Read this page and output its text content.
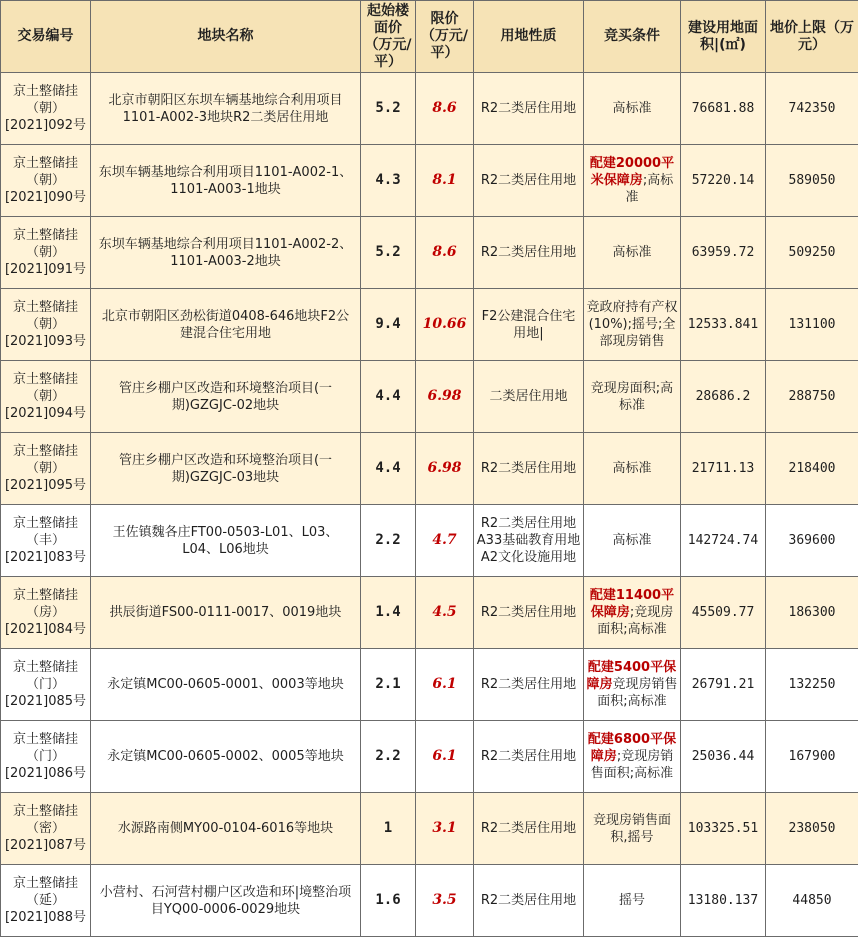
交易编号	地块名称	起始楼面价（万元/平）	限价（万元/平）	用地性质	竞买条件	建设用地面积|(㎡)	地价上限（万元）
京土整储挂（朝）[2021]092号	北京市朝阳区东坝车辆基地综合利用项目1101-A002-3地块R2二类居住用地	5.2	8.6	R2二类居住用地	高标准	76681.88	742350
京土整储挂（朝）[2021]090号	东坝车辆基地综合利用项目1101-A002-1、1101-A003-1地块	4.3	8.1	R2二类居住用地	配建20000平米保障房;高标准	57220.14	589050
京土整储挂（朝）[2021]091号	东坝车辆基地综合利用项目1101-A002-2、1101-A003-2地块	5.2	8.6	R2二类居住用地	高标准	63959.72	509250
京土整储挂（朝）[2021]093号	北京市朝阳区劲松街道0408-646地块F2公建混合住宅用地	9.4	10.66	F2公建混合住宅用地|	竞政府持有产权(10%);摇号;全部现房销售	12533.841	131100
京土整储挂（朝）[2021]094号	管庄乡棚户区改造和环境整治项目(一期)GZGJC-02地块	4.4	6.98	二类居住用地	竞现房面积;高标准	28686.2	288750
京土整储挂（朝）[2021]095号	管庄乡棚户区改造和环境整治项目(一期)GZGJC-03地块	4.4	6.98	R2二类居住用地	高标准	21711.13	218400
京土整储挂（丰）[2021]083号	王佐镇魏各庄FT00-0503-L01、L03、L04、L06地块	2.2	4.7	R2二类居住用地A33基础教育用地A2文化设施用地	高标准	142724.74	369600
京土整储挂（房）[2021]084号	拱辰街道FS00-0111-0017、0019地块	1.4	4.5	R2二类居住用地	配建11400平保障房;竞现房面积;高标准	45509.77	186300
京土整储挂（门）[2021]085号	永定镇MC00-0605-0001、0003等地块	2.1	6.1	R2二类居住用地	配建5400平保障房竞现房销售面积;高标准	26791.21	132250
京土整储挂（门）[2021]086号	永定镇MC00-0605-0002、0005等地块	2.2	6.1	R2二类居住用地	配建6800平保障房;竞现房销售面积;高标准	25036.44	167900
京土整储挂（密）[2021]087号	水源路南侧MY00-0104-6016等地块	1	3.1	R2二类居住用地	竞现房销售面积,摇号	103325.51	238050
京土整储挂（延）[2021]088号	小营村、石河营村棚户区改造和环|境整治项目YQ00-0006-0029地块	1.6	3.5	R2二类居住用地	摇号	13180.137	44850
